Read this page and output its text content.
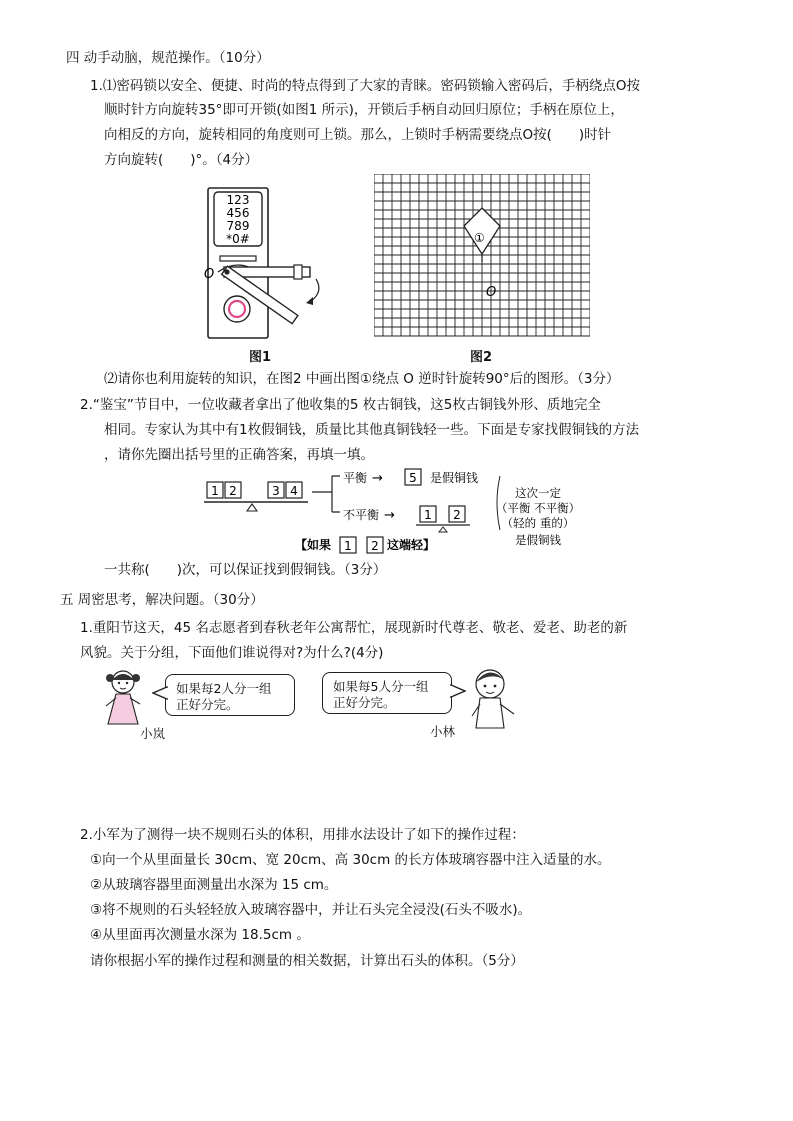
四 动手动脑，规范操作。（10分）
1.⑴密码锁以安全、便捷、时尚的特点得到了大家的青睐。密码锁输入密码后，手柄绕点O按
顺时针方向旋转35°即可开锁(如图1 所示)，开锁后手柄自动回归原位；手柄在原位上，
向相反的方向，旋转相同的角度则可上锁。那么，上锁时手柄需要绕点O按(　　)时针
方向旋转(　　)°。（4分）
123
456
789
*0#
O
图1
①
O
图2
⑵请你也利用旋转的知识，在图2 中画出图①绕点 O 逆时针旋转90°后的图形。（3分）
2.“鉴宝”节目中，一位收藏者拿出了他收集的5 枚古铜钱，这5枚古铜钱外形、质地完全
相同。专家认为其中有1枚假铜钱，质量比其他真铜钱轻一些。下面是专家找假铜钱的方法
，请你先圈出括号里的正确答案，再填一填。
1 2	3 4
平衡 → 5 是假铜钱
不平衡 → 1 2
【如果 1 2 这端轻】
这次一定
（平衡 不平衡）
（轻的 重的）
是假铜钱
一共称(　　)次，可以保证找到假铜钱。（3分）
五 周密思考，解决问题。（30分）
1.重阳节这天，45 名志愿者到春秋老年公寓帮忙，展现新时代尊老、敬老、爱老、助老的新
风貌。关于分组，下面他们谁说得对?为什么?(4分)
小岚
如果每2人分一组
正好分完。
如果每5人分一组
正好分完。
小林
2.小军为了测得一块不规则石头的体积，用排水法设计了如下的操作过程：
①向一个从里面量长 30cm、宽 20cm、高 30cm 的长方体玻璃容器中注入适量的水。
②从玻璃容器里面测量出水深为 15 cm。
③将不规则的石头轻轻放入玻璃容器中，并让石头完全浸没(石头不吸水)。
④从里面再次测量水深为 18.5cm 。
请你根据小军的操作过程和测量的相关数据，计算出石头的体积。（5分）
